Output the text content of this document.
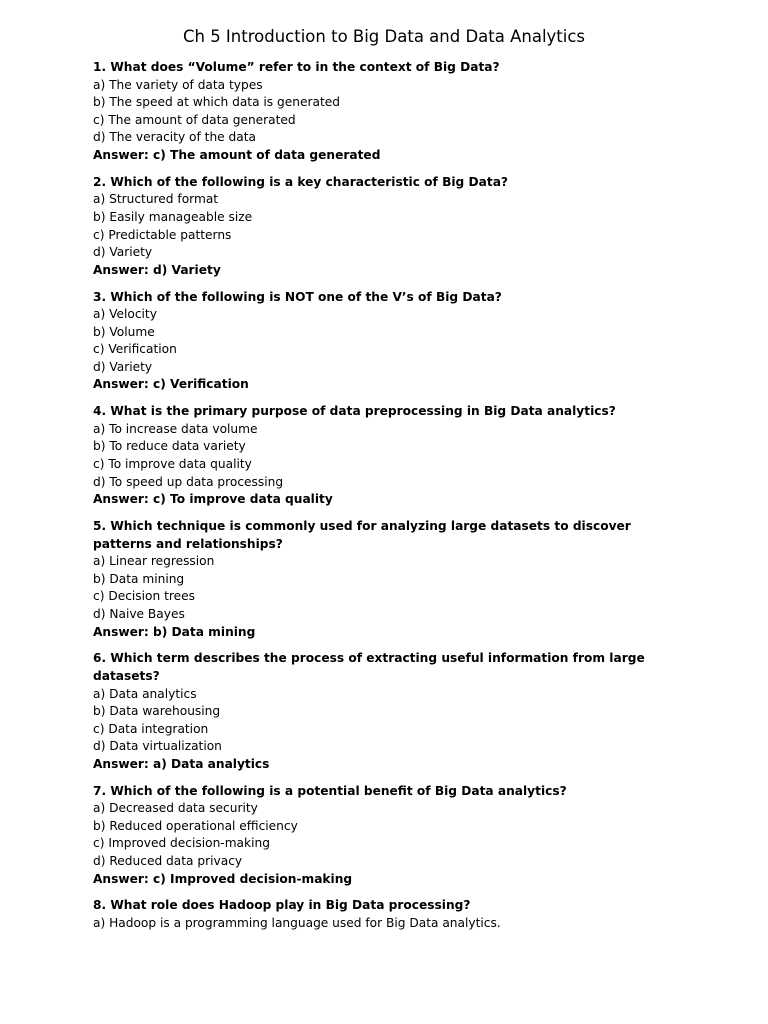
Ch 5 Introduction to Big Data and Data Analytics

1. What does “Volume” refer to in the context of Big Data?

a) The variety of data types

b) The speed at which data is generated

c) The amount of data generated

d) The veracity of the data

Answer: c) The amount of data generated

2. Which of the following is a key characteristic of Big Data?

a) Structured format

b) Easily manageable size

c) Predictable patterns

d) Variety

Answer: d) Variety

3. Which of the following is NOT one of the V’s of Big Data?

a) Velocity

b) Volume

c) Verification

d) Variety

Answer: c) Verification

4. What is the primary purpose of data preprocessing in Big Data analytics?

a) To increase data volume

b) To reduce data variety

c) To improve data quality

d) To speed up data processing

Answer: c) To improve data quality

5. Which technique is commonly used for analyzing large datasets to discover patterns and relationships?

a) Linear regression

b) Data mining

c) Decision trees

d) Naive Bayes

Answer: b) Data mining

6. Which term describes the process of extracting useful information from large datasets?

a) Data analytics

b) Data warehousing

c) Data integration

d) Data virtualization

Answer: a) Data analytics

7. Which of the following is a potential benefit of Big Data analytics?

a) Decreased data security

b) Reduced operational efficiency

c) Improved decision-making

d) Reduced data privacy

Answer: c) Improved decision-making

8. What role does Hadoop play in Big Data processing?

a) Hadoop is a programming language used for Big Data analytics.
